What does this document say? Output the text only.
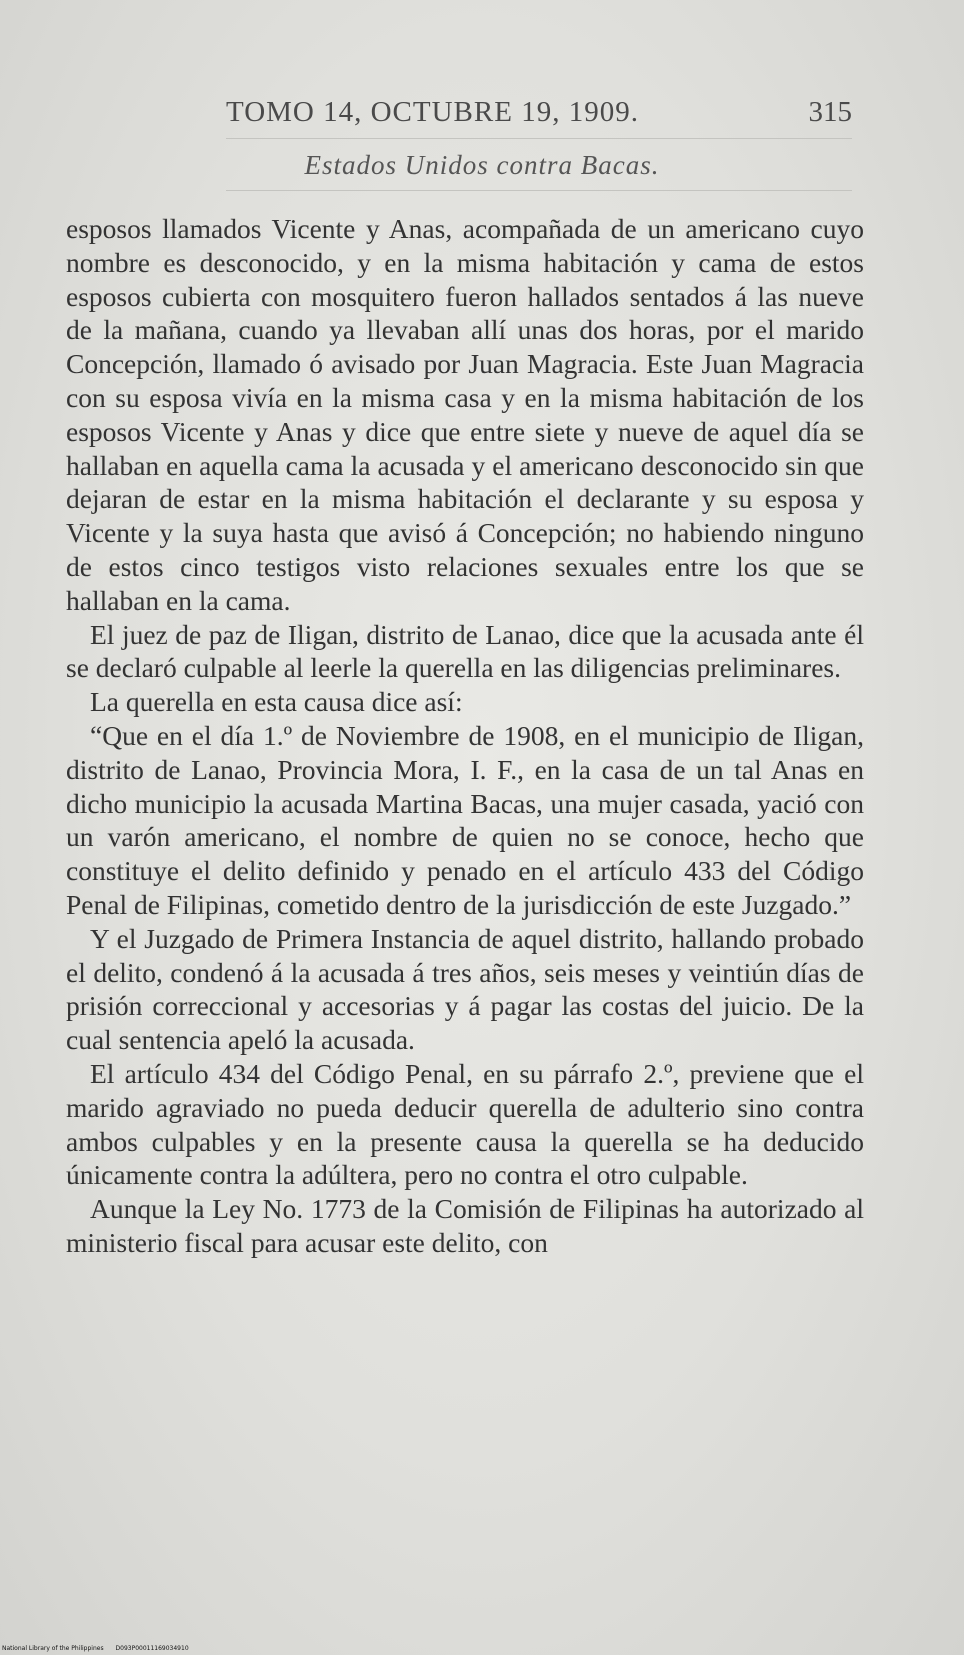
TOMO 14, OCTUBRE 19, 1909.	315
Estados Unidos contra Bacas.

esposos llamados Vicente y Anas, acompañada de un americano cuyo nombre es desconocido, y en la misma habitación y cama de estos esposos cubierta con mosquitero fueron hallados sentados á las nueve de la mañana, cuando ya llevaban allí unas dos horas, por el marido Concepción, llamado ó avisado por Juan Magracia. Este Juan Magracia con su esposa vivía en la misma casa y en la misma habitación de los esposos Vicente y Anas y dice que entre siete y nueve de aquel día se hallaban en aquella cama la acusada y el americano desconocido sin que dejaran de estar en la misma habitación el declarante y su esposa y Vicente y la suya hasta que avisó á Concepción; no habiendo ninguno de estos cinco testigos visto relaciones sexuales entre los que se hallaban en la cama.

El juez de paz de Iligan, distrito de Lanao, dice que la acusada ante él se declaró culpable al leerle la querella en las diligencias preliminares.

La querella en esta causa dice así:

“Que en el día 1.º de Noviembre de 1908, en el municipio de Iligan, distrito de Lanao, Provincia Mora, I. F., en la casa de un tal Anas en dicho municipio la acusada Martina Bacas, una mujer casada, yació con un varón americano, el nombre de quien no se conoce, hecho que constituye el delito definido y penado en el artículo 433 del Código Penal de Filipinas, cometido dentro de la jurisdicción de este Juzgado.”

Y el Juzgado de Primera Instancia de aquel distrito, hallando probado el delito, condenó á la acusada á tres años, seis meses y veintiún días de prisión correccional y accesorias y á pagar las costas del juicio. De la cual sentencia apeló la acusada.

El artículo 434 del Código Penal, en su párrafo 2.º, previene que el marido agraviado no pueda deducir querella de adulterio sino contra ambos culpables y en la presente causa la querella se ha deducido únicamente contra la adúltera, pero no contra el otro culpable.

Aunque la Ley No. 1773 de la Comisión de Filipinas ha autorizado al ministerio fiscal para acusar este delito, con

National Library of the Philippines D093P00011169034910
